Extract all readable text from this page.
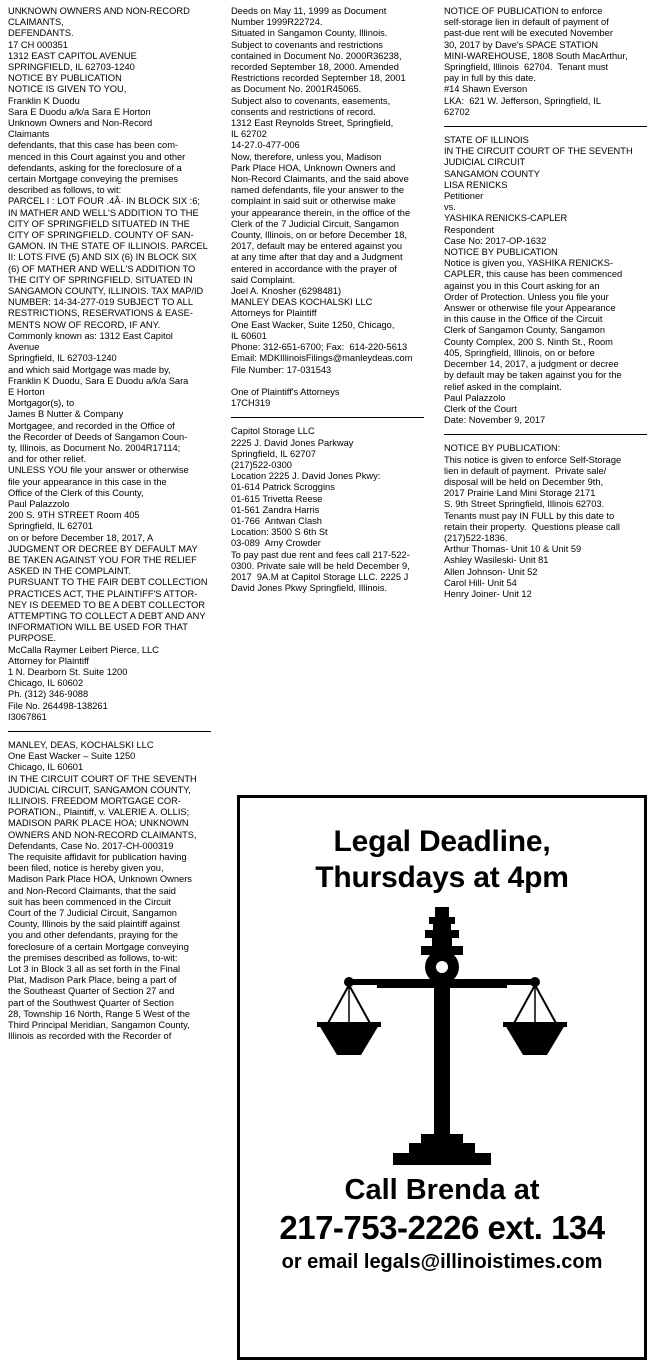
UNKNOWN OWNERS AND NON-RECORD
CLAIMANTS,
DEFENDANTS.
17 CH 000351
1312 EAST CAPITOL AVENUE
SPRINGFIELD, IL 62703-1240
NOTICE BY PUBLICATION
NOTICE IS GIVEN TO YOU,
Franklin K Duodu
Sara E Duodu a/k/a Sara E Horton
Unknown Owners and Non-Record
Claimants
defendants, that this case has been com-
menced in this Court against you and other
defendants, asking for the foreclosure of a
certain Mortgage conveying the premises
described as follows, to wit:
PARCEL I : LOT FOUR .4Â· IN BLOCK SIX :6;
IN MATHER AND WELL'S ADDITION TO THE
CITY OF SPRINGFIELD SITUATED IN THE
CITY OF SPRINGFIELD. COUNTY OF SAN-
GAMON. IN THE STATE OF ILLINOIS. PARCEL
II: LOTS FIVE (5) AND SIX (6) IN BLOCK SIX
(6) OF MATHER AND WELL'S ADDITION TO
THE CITY OF SPRINGFIELD. SITUATED IN
SANGAMON COUNTY, ILLINOIS. TAX MAP/ID
NUMBER: 14-34-277-019 SUBJECT TO ALL
RESTRICTIONS, RESERVATIONS & EASE-
MENTS NOW OF RECORD, IF ANY.
Commonly known as: 1312 East Capitol
Avenue
Springfield, IL 62703-1240
and which said Mortgage was made by,
Franklin K Duodu, Sara E Duodu a/k/a Sara
E Horton
Mortgagor(s), to
James B Nutter & Company
Mortgagee, and recorded in the Office of
the Recorder of Deeds of Sangamon Coun-
ty, Illinois, as Document No. 2004R17114;
and for other relief.
UNLESS YOU file your answer or otherwise
file your appearance in this case in the
Office of the Clerk of this County,
Paul Palazzolo
200 S. 9TH STREET Room 405
Springfield, IL 62701
on or before December 18, 2017, A
JUDGMENT OR DECREE BY DEFAULT MAY
BE TAKEN AGAINST YOU FOR THE RELIEF
ASKED IN THE COMPLAINT.
PURSUANT TO THE FAIR DEBT COLLECTION
PRACTICES ACT, THE PLAINTIFF'S ATTOR-
NEY IS DEEMED TO BE A DEBT COLLECTOR
ATTEMPTING TO COLLECT A DEBT AND ANY
INFORMATION WILL BE USED FOR THAT
PURPOSE.
McCalla Raymer Leibert Pierce, LLC
Attorney for Plaintiff
1 N. Dearborn St. Suite 1200
Chicago, IL 60602
Ph. (312) 346-9088
File No. 264498-138261
I3067861
MANLEY, DEAS, KOCHALSKI LLC
One East Wacker – Suite 1250
Chicago, IL 60601
IN THE CIRCUIT COURT OF THE SEVENTH
JUDICIAL CIRCUIT, SANGAMON COUNTY,
ILLINOIS. FREEDOM MORTGAGE COR-
PORATION., Plaintiff, v. VALERIE A. OLLIS;
MADISON PARK PLACE HOA; UNKNOWN
OWNERS AND NON-RECORD CLAIMANTS,
Defendants, Case No. 2017-CH-000319
The requisite affidavit for publication having
been filed, notice is hereby given you,
Madison Park Place HOA, Unknown Owners
and Non-Record Claimants, that the said
suit has been commenced in the Circuit
Court of the 7 Judicial Circuit, Sangamon
County, Illinois by the said plaintiff against
you and other defendants, praying for the
foreclosure of a certain Mortgage conveying
the premises described as follows, to-wit:
Lot 3 in Block 3 all as set forth in the Final
Plat, Madison Park Place, being a part of
the Southeast Quarter of Section 27 and
part of the Southwest Quarter of Section
28, Township 16 North, Range 5 West of the
Third Principal Meridian, Sangamon County,
Illinois as recorded with the Recorder of
Deeds on May 11, 1999 as Document
Number 1999R22724.
Situated in Sangamon County, Illinois.
Subject to covenants and restrictions
contained in Document No. 2000R36238,
recorded September 18, 2000. Amended
Restrictions recorded September 18, 2001
as Document No. 2001R45065.
Subject also to covenants, easements,
consents and restrictions of record.
1312 East Reynolds Street, Springfield,
IL 62702
14-27.0-477-006
Now, therefore, unless you, Madison
Park Place HOA, Unknown Owners and
Non-Record Claimants, and the said above
named defendants, file your answer to the
complaint in said suit or otherwise make
your appearance therein, in the office of the
Clerk of the 7 Judicial Circuit, Sangamon
County, Illinois, on or before December 18,
2017, default may be entered against you
at any time after that day and a Judgment
entered in accordance with the prayer of
said Complaint.
Joel A. Knosher (6298481)
MANLEY DEAS KOCHALSKI LLC
Attorneys for Plaintiff
One East Wacker, Suite 1250, Chicago,
IL 60601
Phone: 312-651-6700; Fax:  614-220-5613
Email: MDKIllinoisFilings@manleydeas.com
File Number: 17-031543

One of Plaintiff's Attorneys
17CH319
Capitol Storage LLC
2225 J. David Jones Parkway
Springfield, IL 62707
(217)522-0300
Location 2225 J. David Jones Pkwy:
01-614 Patrick Scroggins
01-615 Trivetta Reese
01-561 Zandra Harris
01-766  Antwan Clash
Location: 3500 S 6th St
03-089  Amy Crowder
To pay past due rent and fees call 217-522-
0300. Private sale will be held December 9,
2017  9A.M at Capitol Storage LLC. 2225 J
David Jones Pkwy Springfield, Illinois.
NOTICE OF PUBLICATION to enforce
self-storage lien in default of payment of
past-due rent will be executed November
30, 2017 by Dave's SPACE STATION
MINI-WAREHOUSE, 1808 South MacArthur,
Springfield, Illinois  62704.  Tenant must
pay in full by this date.
#14 Shawn Everson
LKA:  621 W. Jefferson, Springfield, IL
62702
STATE OF ILLINOIS
IN THE CIRCUIT COURT OF THE SEVENTH
JUDICIAL CIRCUIT
SANGAMON COUNTY
LISA RENICKS
Petitioner
vs.
YASHIKA RENICKS-CAPLER
Respondent
Case No: 2017-OP-1632
NOTICE BY PUBLICATION
Notice is given you, YASHIKA RENICKS-
CAPLER, this cause has been commenced
against you in this Court asking for an
Order of Protection. Unless you file your
Answer or otherwise file your Appearance
in this cause in the Office of the Circuit
Clerk of Sangamon County, Sangamon
County Complex, 200 S. Ninth St., Room
405, Springfield, Illinois, on or before
December 14, 2017, a judgment or decree
by default may be taken against you for the
relief asked in the complaint.
Paul Palazzolo
Clerk of the Court
Date: November 9, 2017
NOTICE BY PUBLICATION:
This notice is given to enforce Self-Storage
lien in default of payment.  Private sale/
disposal will be held on December 9th,
2017 Prairie Land Mini Storage 2171
S. 9th Street Springfield, Illinois 62703.
Tenants must pay IN FULL by this date to
retain their property.  Questions please call
(217)522-1836.
Arthur Thomas- Unit 10 & Unit 59
Ashley Wasileski- Unit 81
Allen Johnson- Unit 52
Carol Hill- Unit 54
Henry Joiner- Unit 12
Legal Deadline,
Thursdays at 4pm
Call Brenda at
217-753-2226 ext. 134
or email legals@illinoistimes.com
